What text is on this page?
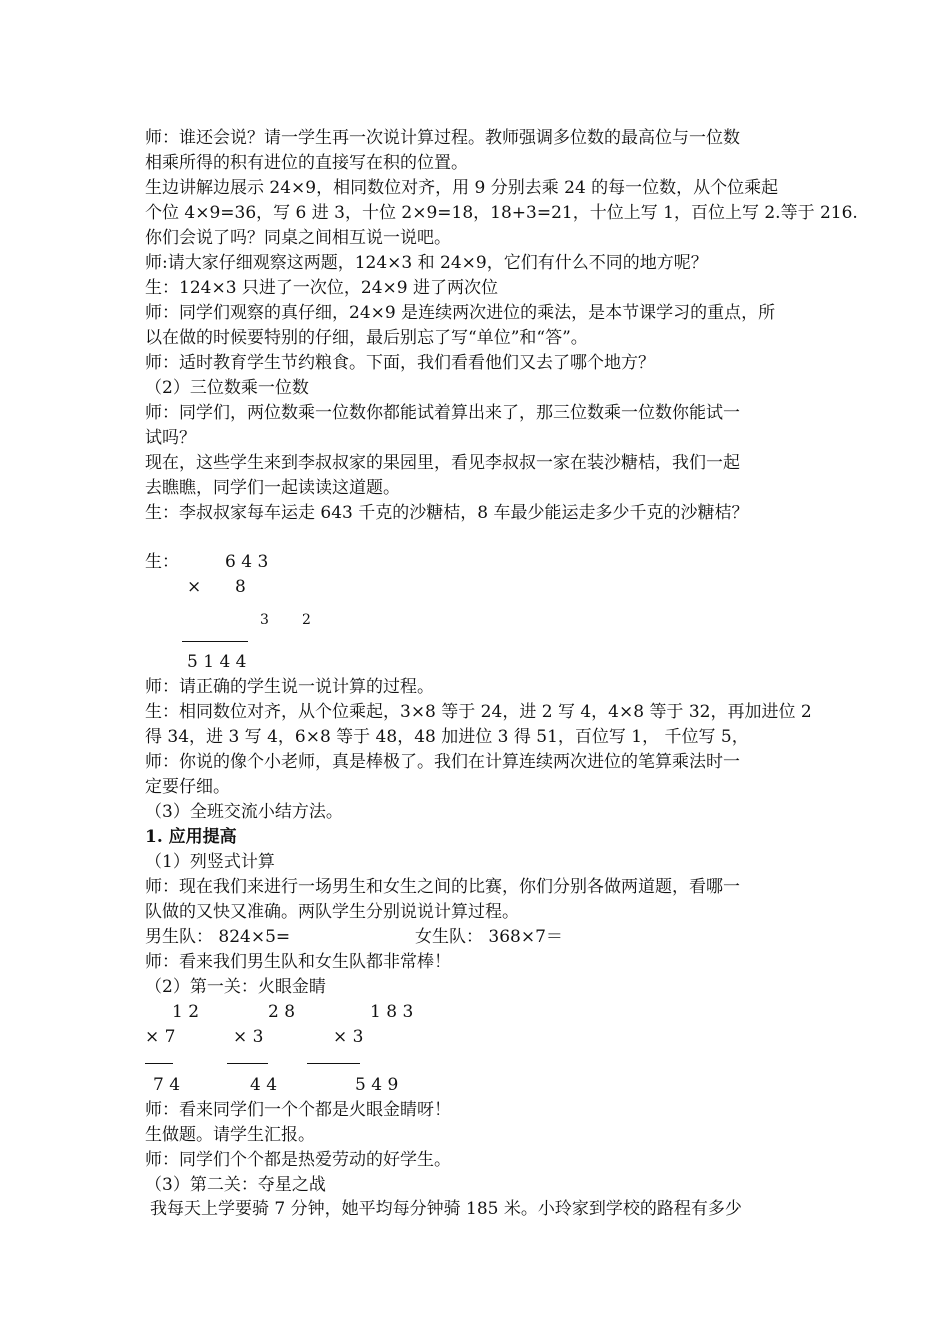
师：谁还会说？请一学生再一次说计算过程。教师强调多位数的最高位与一位数
相乘所得的积有进位的直接写在积的位置。
生边讲解边展示 24×9，相同数位对齐，用 9 分别去乘 24 的每一位数，从个位乘起
个位 4×9=36，写 6 进 3，十位 2×9=18，18+3=21，十位上写 1，百位上写 2.等于 216.
你们会说了吗？同桌之间相互说一说吧。
师:请大家仔细观察这两题，124×3 和 24×9，它们有什么不同的地方呢？
生：124×3 只进了一次位，24×9 进了两次位
师：同学们观察的真仔细，24×9 是连续两次进位的乘法，是本节课学习的重点，所
以在做的时候要特别的仔细，最后别忘了写“单位”和“答”。
师：适时教育学生节约粮食。下面，我们看看他们又去了哪个地方？
（2）三位数乘一位数
师：同学们，两位数乘一位数你都能试着算出来了，那三位数乘一位数你能试一
试吗？
现在，这些学生来到李叔叔家的果园里，看见李叔叔一家在装沙糖桔，我们一起
去瞧瞧，同学们一起读读这道题。
生：李叔叔家每车运走 643 千克的沙糖桔，8 车最少能运走多少千克的沙糖桔？
生：	6 4 3
× 8
3 2
5 1 4 4
师：请正确的学生说一说计算的过程。
生：相同数位对齐，从个位乘起，3×8 等于 24，进 2 写 4，4×8 等于 32，再加进位 2
得 34，进 3 写 4，6×8 等于 48，48 加进位 3 得 51，百位写 1， 千位写 5，
师：你说的像个小老师，真是棒极了。我们在计算连续两次进位的笔算乘法时一
定要仔细。
（3）全班交流小结方法。
1. 应用提高
（1）列竖式计算
师：现在我们来进行一场男生和女生之间的比赛，你们分别各做两道题，看哪一
队做的又快又准确。两队学生分别说说计算过程。
男生队： 824×5=	女生队： 368×7＝
师：看来我们男生队和女生队都非常棒！
（2）第一关：火眼金睛
1 2	2 8	1 8 3
× 7	× 3	× 3
7 4	4 4	5 4 9
师：看来同学们一个个都是火眼金睛呀！
生做题。请学生汇报。
师：同学们个个都是热爱劳动的好学生。
（3）第二关：夺星之战
我每天上学要骑 7 分钟，她平均每分钟骑 185 米。小玲家到学校的路程有多少
